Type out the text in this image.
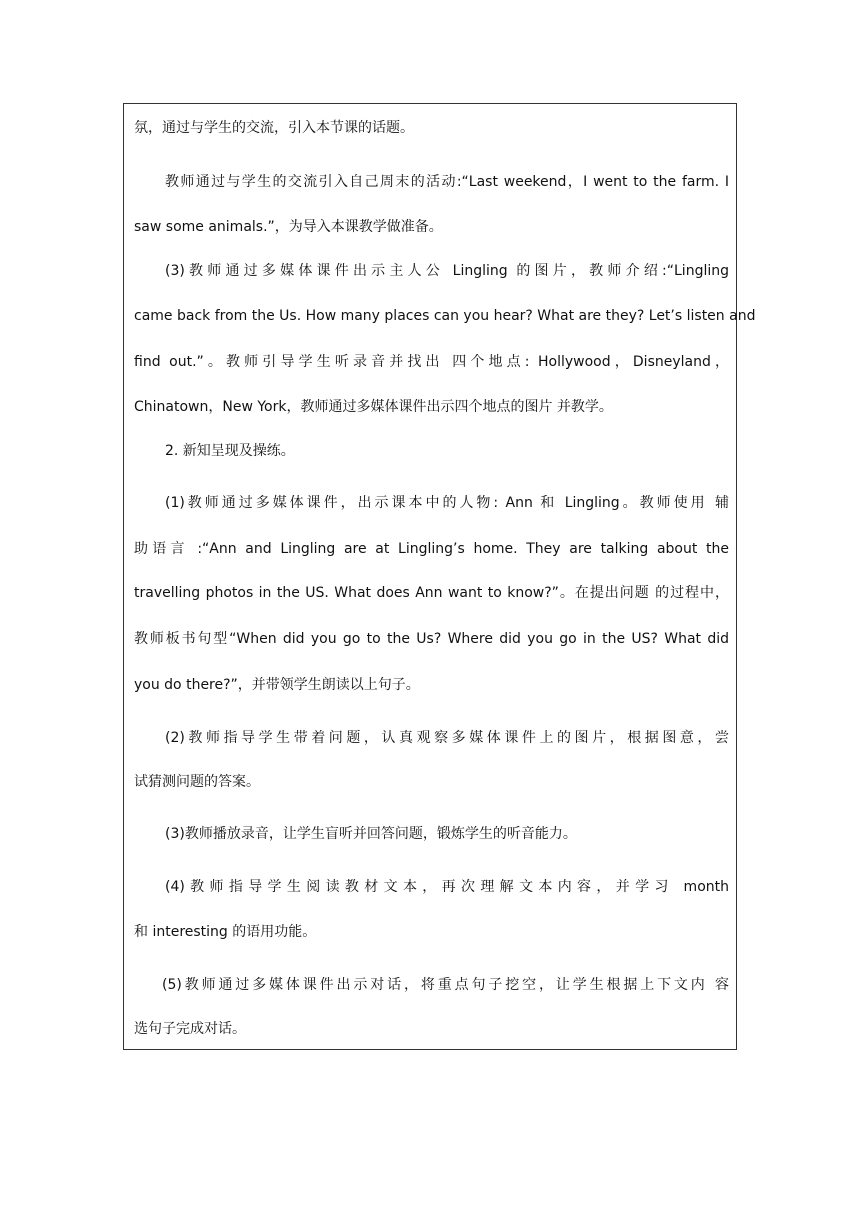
氛，通过与学生的交流，引入本节课的话题。
教师通过与学生的交流引入自己周末的活动:“Last weekend，I went to the farm. I
saw some animals.”，为导入本课教学做准备。
(3)教师通过多媒体课件出示主人公 Lingling 的图片，教师介绍:“Lingling
came back from the Us. How many places can you hear? What are they? Let’s listen and
find out.”。教师引导学生听录音并找出 四个地点: Hollywood，Disneyland，
Chinatown，New York，教师通过多媒体课件出示四个地点的图片 并教学。
2. 新知呈现及操练。
(1)教师通过多媒体课件，出示课本中的人物: Ann 和 Lingling。教师使用 辅
助语言 :“Ann and Lingling are at Lingling’s home. They are talking about the
travelling photos in the US. What does Ann want to know?”。在提出问题 的过程中，
教师板书句型“When did you go to the Us? Where did you go in the US? What did
you do there?”，并带领学生朗读以上句子。
(2)教师指导学生带着问题，认真观察多媒体课件上的图片，根据图意，尝
试猜测问题的答案。
(3)教师播放录音，让学生盲听并回答问题，锻炼学生的听音能力。
(4)教师指导学生阅读教材文本，再次理解文本内容，并学习 month
和 interesting 的语用功能。
(5)教师通过多媒体课件出示对话，将重点句子挖空，让学生根据上下文内 容
选句子完成对话。
